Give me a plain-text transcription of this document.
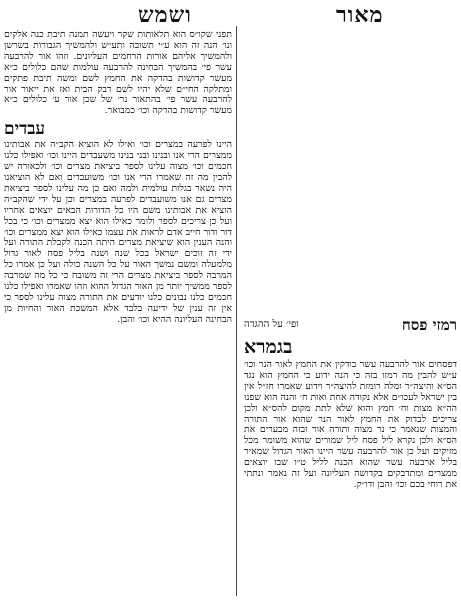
ושמש	מאור

תפני שקו״ס הוא תלאותות שקר ויעשה תמנה תיבת כנה אלקים ונו׳ הנה זה הוא ע״י תשובה ותע״ש ולהמשיך הגבורות בשרשן ולהמשיך אליהם אורות הרחמים העליונים. וזהו אור להרבעה עשר פי׳ בהמשיך הבחינה להרבעה עולמות שהם כלולים כ״א מעשר קדושות בהדקה את החמץ לשם ומשה תיבת פתקים ומתלקה החי״ם שלא יהיו לשם דבק הבית ואז את ייאור אור להרבעה עשר פי׳ בהתאור נר׳ של שכן אור ע׳ כלולים כ״א מעשר קדושות בהדקה וכו׳ כמבואר.

עבדים

היינו לפרעה במצרים וכו׳ ואילו לא הוציא הקב״ה את אבותינו ממצרים הרי אנו ובנינו ובני בנינו משעבדים היינו וכו׳ ואפילו כלנו חכמים וכו׳ מצוה עלינו לספר ביציאת מצרים וכו׳ ולכאורה יש להבין מה זה שאמרו הרי אנו וכו׳ משועבדים ואם לא הוציאנו היה נשאר בגלות עולמית ולמה ואם כן מה עלינו לספר ביציאת מצרים גם אנו משועבדים לפרעה במצרים וכן על ידי שהקב״ה הוציא את אבותינו משם היו כל הדורות הבאים יוצאים אחריו ועל כן צריכים לספר ולומר כאילו הוא יצא ממצרים וכו׳ כי בכל דור ודור חייב אדם לראות את עצמו כאילו הוא יצא ממצרים וכו׳ והנה הענין הוא שיציאת מצרים היתה הכנה לקבלת התורה ועל ידי זה זוכים ישראל בכל שנה ושנה בליל פסח לאור גדול מלמעלה ומשם נמשך האור על כל השנה כולה ועל כן אמרו כל המרבה לספר ביציאת מצרים הרי זה משובח כי כל מה שמרבה לספר ממשיך יותר מן האור הגדול ההוא וזהו שאמרו ואפילו כלנו חכמים כלנו נבונים כלנו יודעים את התורה מצוה עלינו לספר כי אין זה ענין של ידיעה בלבד אלא המשכת האור והחיות מן הבחינה העליונה ההיא וכו׳ והבן.	רמזי פסח
ופי׳ על ההגדה
בגמרא

דפסחים אור להרבעה עשר בודקין את החמץ לאור הנר וכו׳ ע״ש להבין מה רמזו בזה כי הנה ידוע כי החמץ הוא נגד הס״א והיצה״ר ומלה רומזת להיצה״ר וידוע שאמרו חז״ל אין בין ישראל לעכו״ם אלא נקודה אחת ואות ח׳ והנה הוא שפנו הה״א מצות וח׳ חמץ והוא שלא לתת מקום להס״א ולכן צריכים לבדוק את החמץ לאור הנר שהוא אור התורה והמצות שנאמר כי נר מצוה ותורה אור ובזה מבערים את הס״א ולכן נקרא ליל פסח ליל שמורים שהוא משומר מכל מזיקים ועל כן אור להרבעה עשר היינו האור הגדול שמאיר בליל ארבעה עשר שהוא הכנה לליל ט״ו שבו יוצאים ממצרים ומתדבקים בקדושה העליונה ועל זה נאמר ונתתי את רוחי בכם וכו׳ והבן ודו״ק.
